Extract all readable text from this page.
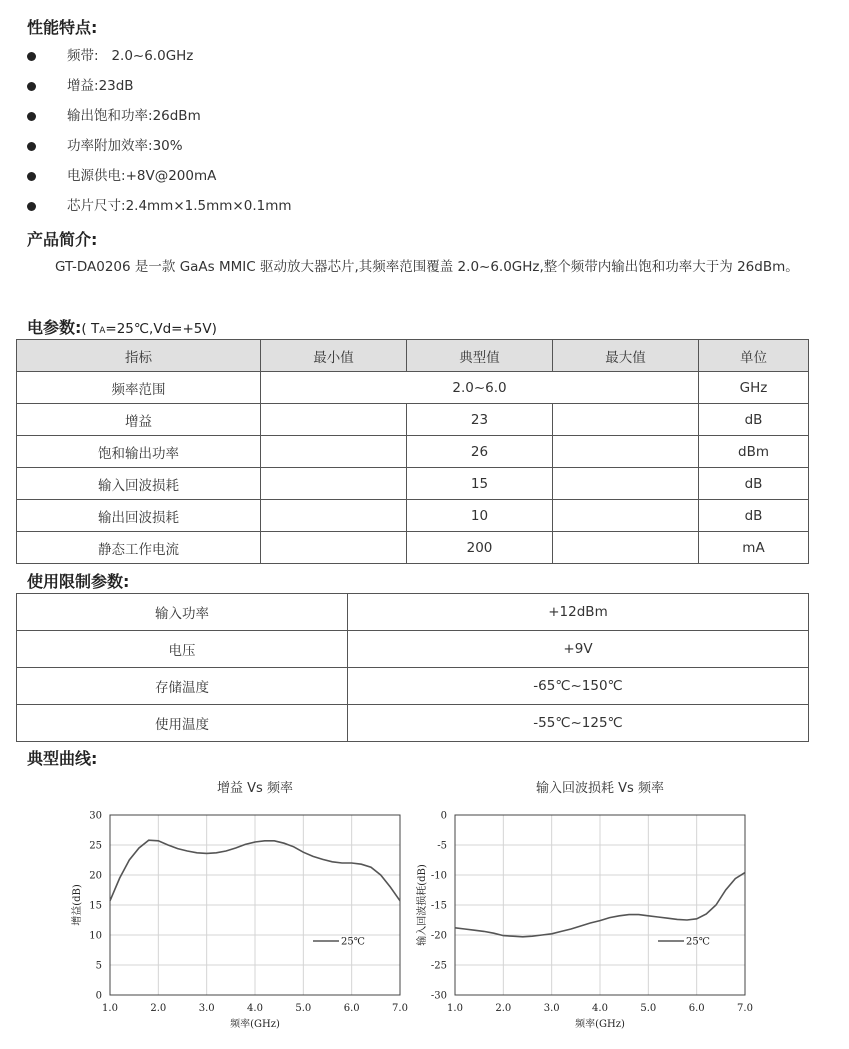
性能特点:
频带: 2.0~6.0GHz
增益:23dB
输出饱和功率:26dBm
功率附加效率:30%
电源供电:+8V@200mA
芯片尺寸:2.4mm×1.5mm×0.1mm
产品简介:
GT-DA0206 是一款 GaAs MMIC 驱动放大器芯片,其频率范围覆盖 2.0~6.0GHz,整个频带内输出饱和功率大于为 26dBm。
电参数:( TA=25℃,Vd=+5V)
指标	最小值	典型值	最大值	单位
频率范围	2.0~6.0			GHz
增益		23		dB
饱和输出功率		26		dBm
输入回波损耗		15		dB
输出回波损耗		10		dB
静态工作电流		200		mA
使用限制参数:
输入功率	+12dBm
电压	+9V
存储温度	-65℃~150℃
使用温度	-55℃~125℃
典型曲线:
增益 Vs 频率
1.0	2.0	3.0	4.0	5.0	6.0	7.0
0
5
10
15
20
25
30
频率(GHz)
增益(dB)
25℃
输入回波损耗 Vs 频率
1.0	2.0	3.0	4.0	5.0	6.0	7.0
0
-5
-10
-15
-20
-25
-30
频率(GHz)
输入回波损耗(dB)	25℃
